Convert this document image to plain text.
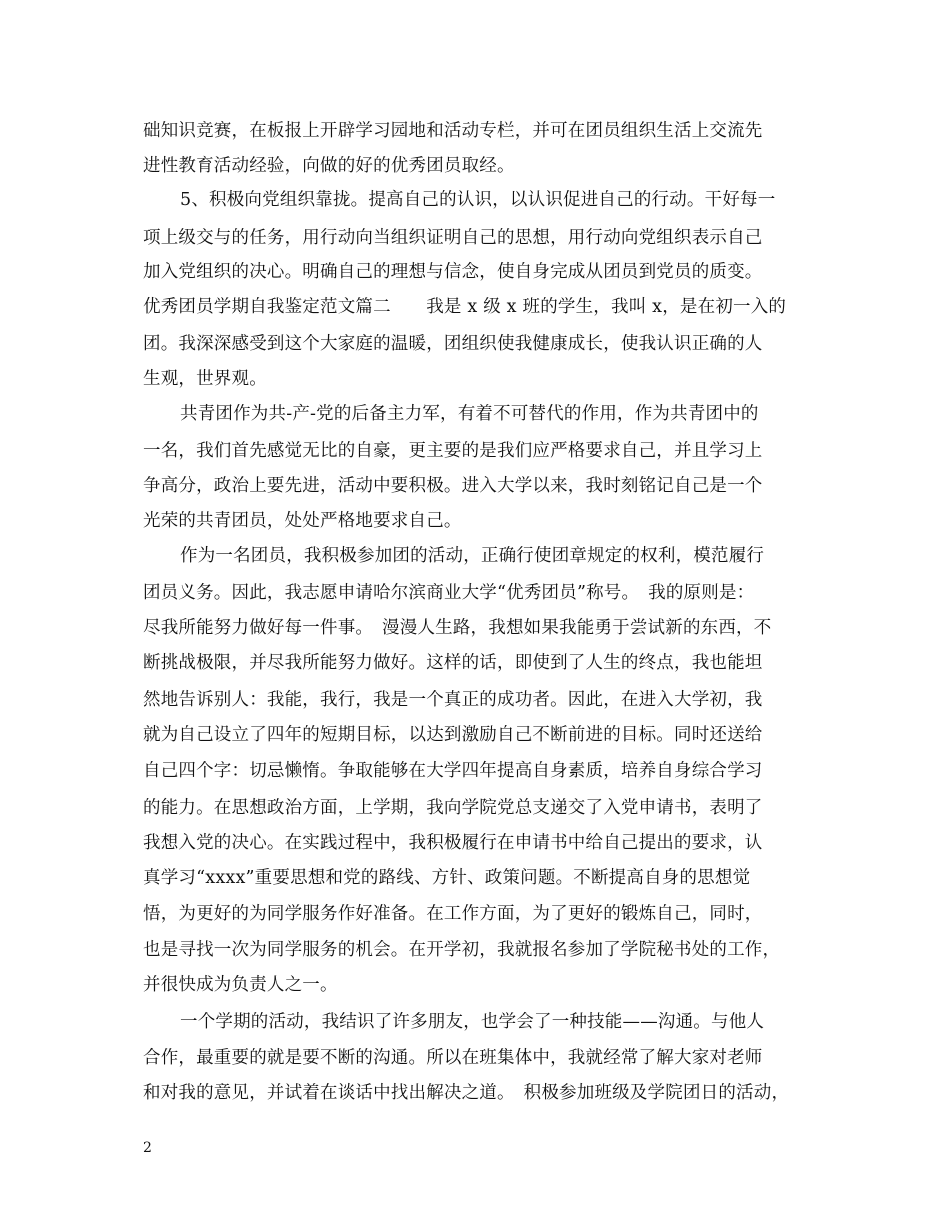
础知识竞赛，在板报上开辟学习园地和活动专栏，并可在团员组织生活上交流先
进性教育活动经验，向做的好的优秀团员取经。
5、积极向党组织靠拢。提高自己的认识，以认识促进自己的行动。干好每一
项上级交与的任务，用行动向当组织证明自己的思想，用行动向党组织表示自己
加入党组织的决心。明确自己的理想与信念，使自身完成从团员到党员的质变。
优秀团员学期自我鉴定范文篇二　　我是 x 级 x 班的学生，我叫 x，是在初一入的
团。我深深感受到这个大家庭的温暖，团组织使我健康成长，使我认识正确的人
生观，世界观。
共青团作为共-产-党的后备主力军，有着不可替代的作用，作为共青团中的
一名，我们首先感觉无比的自豪，更主要的是我们应严格要求自己，并且学习上
争高分，政治上要先进，活动中要积极。进入大学以来，我时刻铭记自己是一个
光荣的共青团员，处处严格地要求自己。
作为一名团员，我积极参加团的活动，正确行使团章规定的权利，模范履行
团员义务。因此，我志愿申请哈尔滨商业大学“优秀团员”称号。　我的原则是：
尽我所能努力做好每一件事。　漫漫人生路，我想如果我能勇于尝试新的东西，不
断挑战极限，并尽我所能努力做好。这样的话，即使到了人生的终点，我也能坦
然地告诉别人：我能，我行，我是一个真正的成功者。因此，在进入大学初，我
就为自己设立了四年的短期目标，以达到激励自己不断前进的目标。同时还送给
自己四个字：切忌懒惰。争取能够在大学四年提高自身素质，培养自身综合学习
的能力。在思想政治方面，上学期，我向学院党总支递交了入党申请书，表明了
我想入党的决心。在实践过程中，我积极履行在申请书中给自己提出的要求，认
真学习“xxxx”重要思想和党的路线、方针、政策问题。不断提高自身的思想觉
悟，为更好的为同学服务作好准备。在工作方面，为了更好的锻炼自己，同时，
也是寻找一次为同学服务的机会。在开学初，我就报名参加了学院秘书处的工作，
并很快成为负责人之一。
一个学期的活动，我结识了许多朋友，也学会了一种技能——沟通。与他人
合作，最重要的就是要不断的沟通。所以在班集体中，我就经常了解大家对老师
和对我的意见，并试着在谈话中找出解决之道。　积极参加班级及学院团日的活动，
2
